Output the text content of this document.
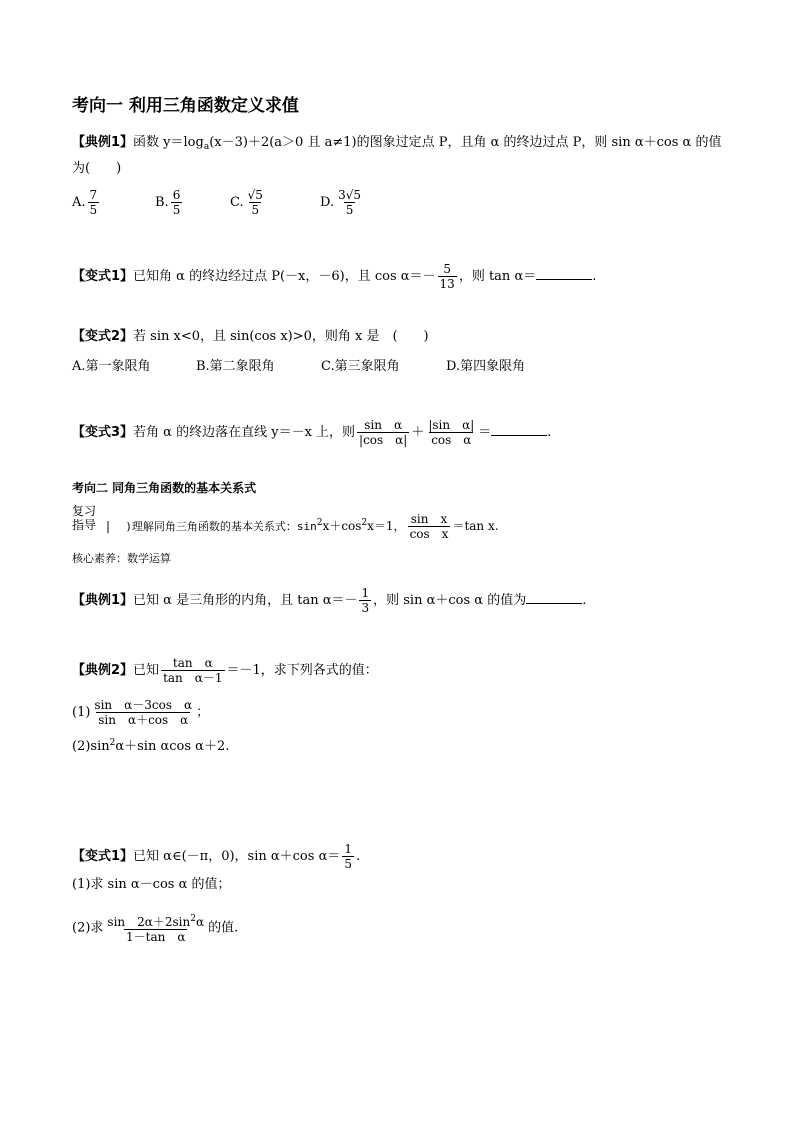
考向一 利用三角函数定义求值
【典例1】函数 $y=\log_a(x-3)+2(a>0$ 且 a≠1)的图象过定点 P，且角 α 的终边过点 P，则 sin α＋cos α 的值
为(　　)
A. $\frac{7}{5}$	B. $\frac{6}{5}$	C. $\frac{√5}{5}$	D. $\frac{3√5}{5}$
【变式1】已知角 α 的终边经过点 P(－x，－6)，且 $\cos \alpha=- \frac{5}{13}$ ，则 tan α＝	.
【变式2】若 sin x<0，且 sin(cos x)>0，则角 x 是　(　　)
A.第一象限角	B.第二象限角	C.第三象限角	D.第四象限角
【变式3】若角 α 的终边落在直线 y＝－x 上，则 $\frac{\text{sin　α}}{\text{|cos　α|}} + \frac{\text{|sin　α|}}{\text{cos　α}}$ ＝	.
考向二 同角三角函数的基本关系式
复习
指导 | )理解同角三角函数的基本关系式：$\sin^2x+\cos^2x=1$， $\frac{\text{sin　x}}{\text{cos　x}} =\tan$ x.
核心素养：数学运算
【典例1】已知 α 是三角形的内角，且 $\tan \alpha=- \frac{1}{3}$ ，则 sin α＋cos α 的值为	.
【典例2】已知 $\frac{\text{tan　α}}{\text{tan　α－1}} =-1$，求下列各式的值：
$(1) \frac{\text{sin　α－3cos　α}}{\text{sin　α＋cos　α}}$ ；
$(2)\sin^2\alpha+\sin$ αcos α＋2.
【变式1】已知 α∈(－π，0)，sin α＋cos $\alpha= \frac{1}{5}$ .
(1)求 sin α－cos α 的值；
(2)求 $\frac{\sin 2\alpha+2\sin^2\alpha}{\text{1－tan　α}}$ 的值.
